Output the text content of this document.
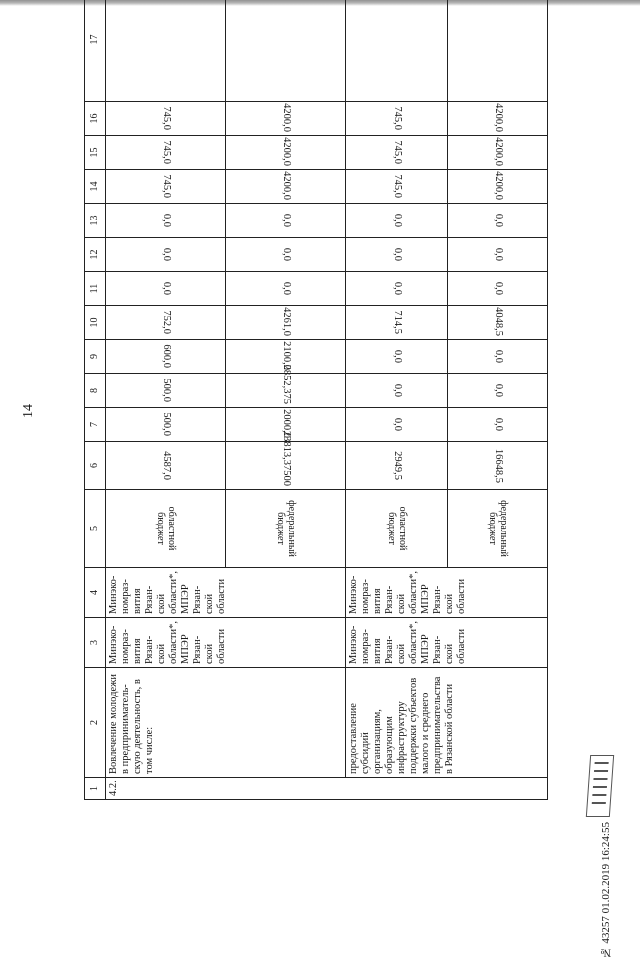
14
1	2	3	4	5	6	7	8	9	10	11	12	13	14	15	16	17
4.2.	Вовлечение молодежи в предприниматель-скую деятельность, в том числе:	Минэко-номраз-вития Рязан-ской области*, МПЭР Рязан-ской области	Минэко-номраз-вития Рязан-ской области*, МПЭР Рязан-ской области	областной бюджет	4587,0	500,0	500,0	600,0	752,0	0,0	0,0	0,0	745,0	745,0	745,0	
				федеральный бюджет	23813,37500	2000,0	2852,375	2100,0	4261,0	0,0	0,0	0,0	4200,0	4200,0	4200,0	
	предоставление субсидий организациям, образующим инфраструктуру поддержки субъектов малого и среднего предпринимательства в Рязанской области	Минэко-номраз-вития Рязан-ской области*, МПЭР Рязан-ской области	Минэко-номраз-вития Рязан-ской области*, МПЭР Рязан-ской области	областной бюджет	2949,5	0,0	0,0	0,0	714,5	0,0	0,0	0,0	745,0	745,0	745,0	
				федеральный бюджет	16648,5	0,0	0,0	0,0	4048,5	0,0	0,0	0,0	4200,0	4200,0	4200,0	
№ 43257 01.02.2019 16:24:55
